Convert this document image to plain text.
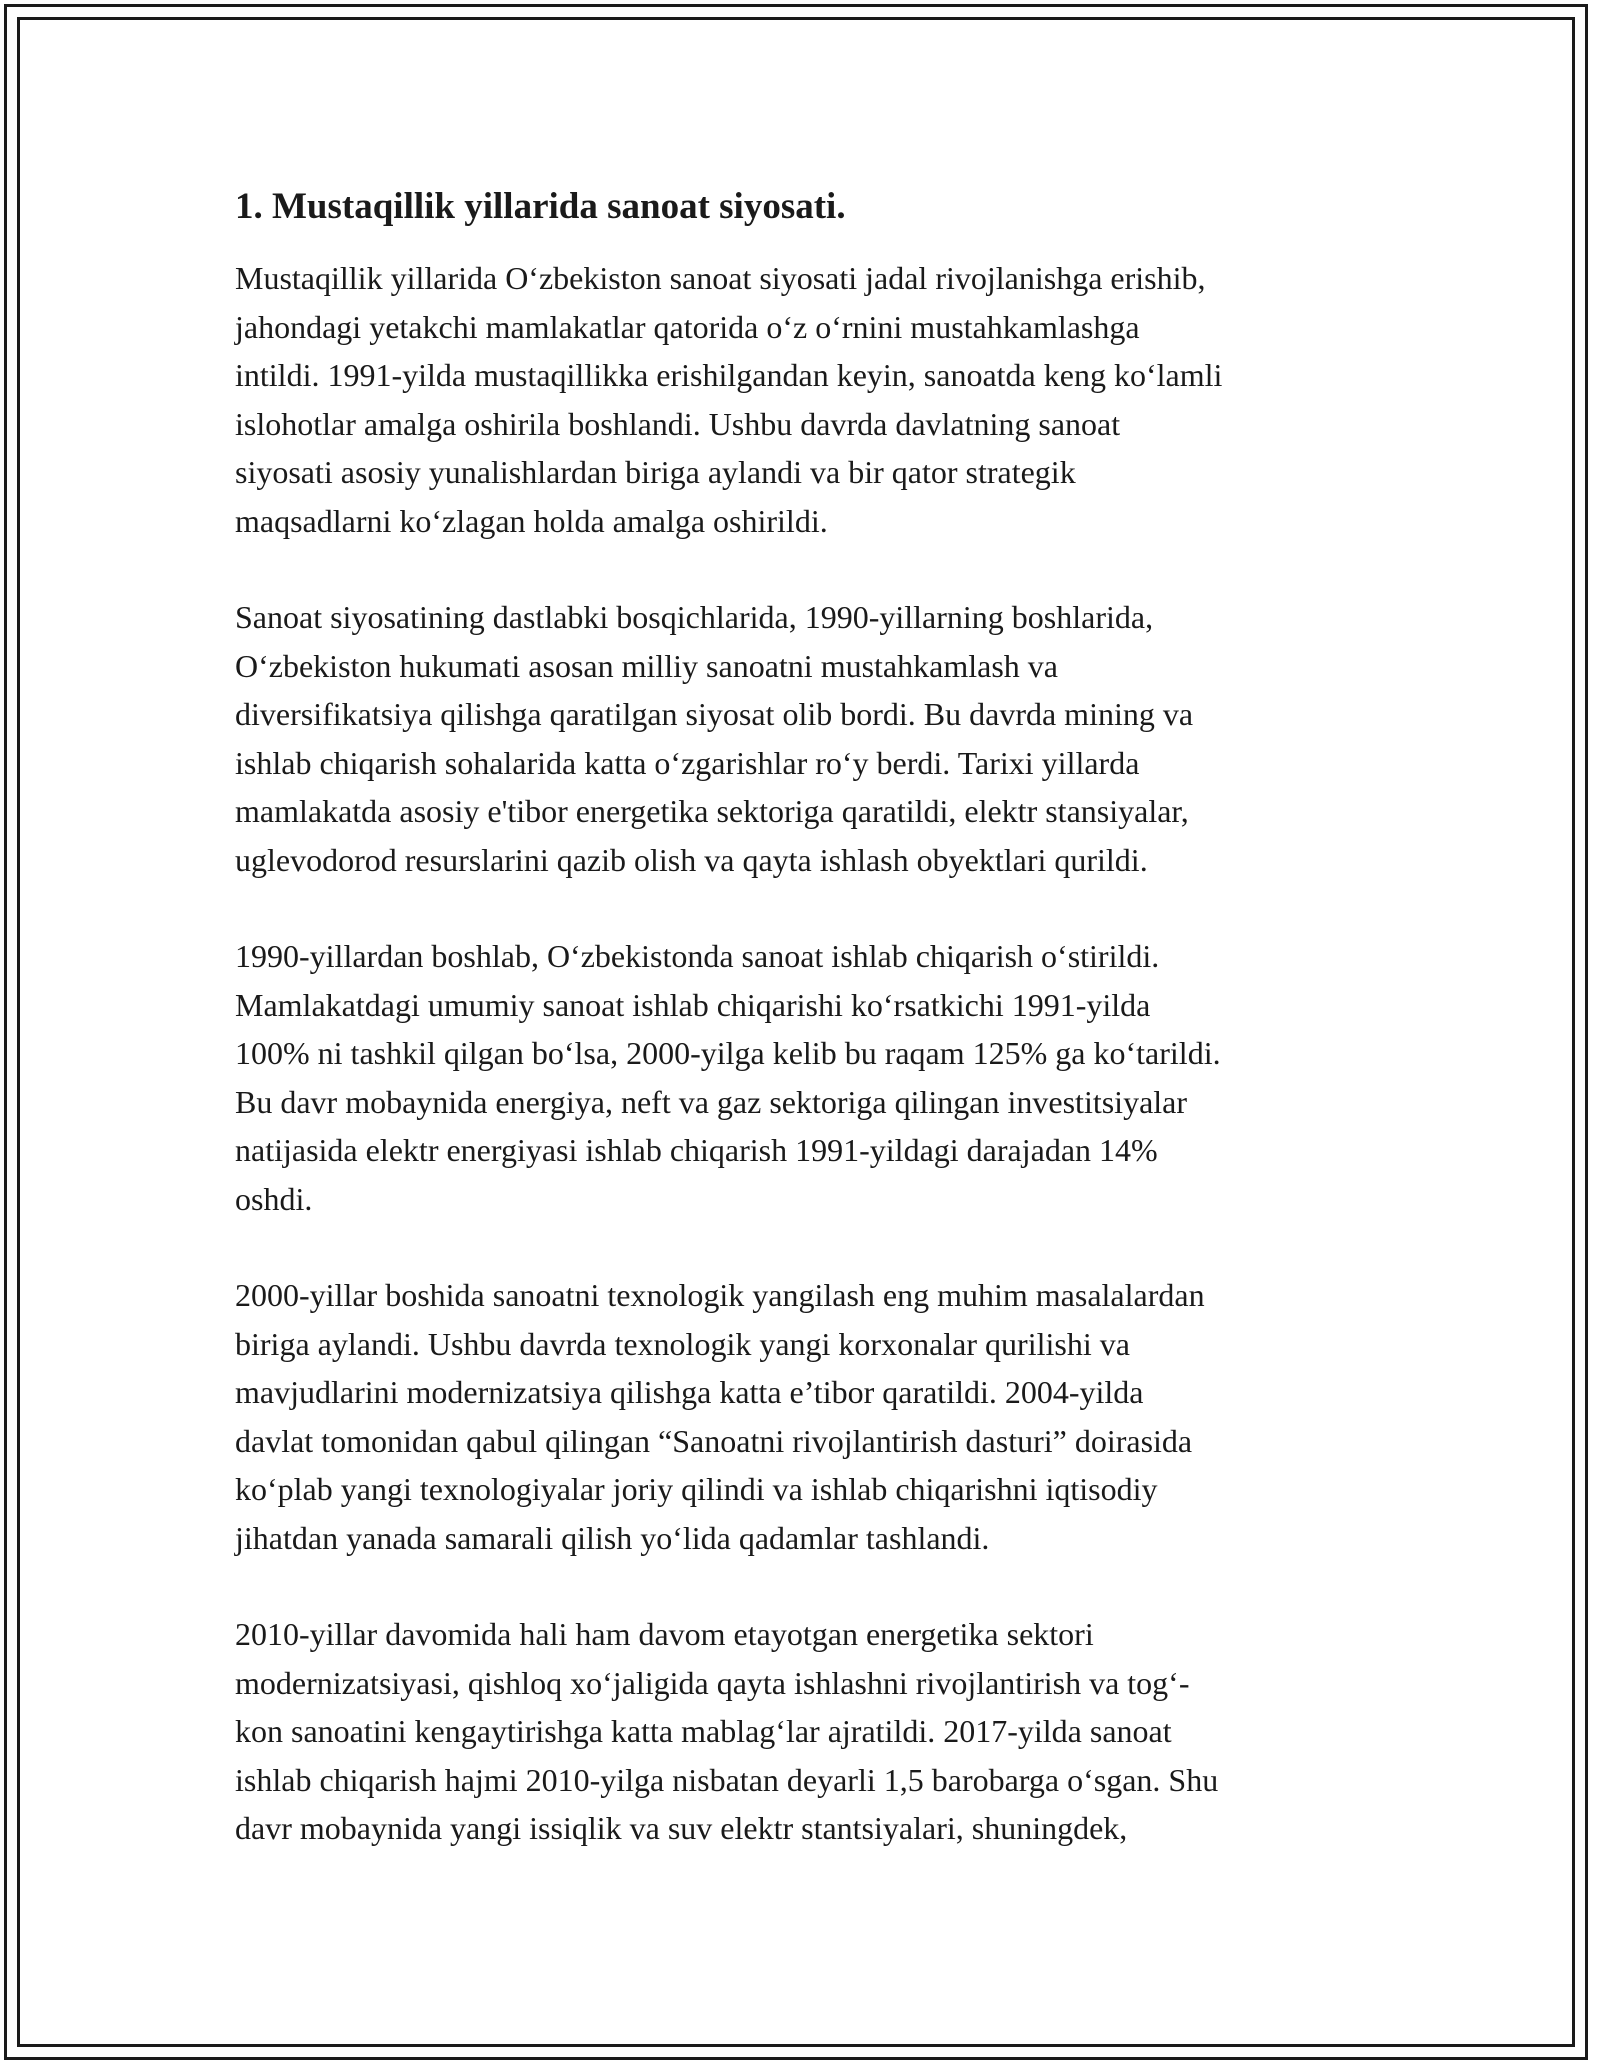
1. Mustaqillik yillarida sanoat siyosati.

Mustaqillik yillarida O‘zbekiston sanoat siyosati jadal rivojlanishga erishib,
jahondagi yetakchi mamlakatlar qatorida o‘z o‘rnini mustahkamlashga
intildi. 1991-yilda mustaqillikka erishilgandan keyin, sanoatda keng ko‘lamli
islohotlar amalga oshirila boshlandi. Ushbu davrda davlatning sanoat
siyosati asosiy yunalishlardan biriga aylandi va bir qator strategik
maqsadlarni ko‘zlagan holda amalga oshirildi.

Sanoat siyosatining dastlabki bosqichlarida, 1990-yillarning boshlarida,
O‘zbekiston hukumati asosan milliy sanoatni mustahkamlash va
diversifikatsiya qilishga qaratilgan siyosat olib bordi. Bu davrda mining va
ishlab chiqarish sohalarida katta o‘zgarishlar ro‘y berdi. Tarixi yillarda
mamlakatda asosiy e'tibor energetika sektoriga qaratildi, elektr stansiyalar,
uglevodorod resurslarini qazib olish va qayta ishlash obyektlari qurildi.

1990-yillardan boshlab, O‘zbekistonda sanoat ishlab chiqarish o‘stirildi.
Mamlakatdagi umumiy sanoat ishlab chiqarishi ko‘rsatkichi 1991-yilda
100% ni tashkil qilgan bo‘lsa, 2000-yilga kelib bu raqam 125% ga ko‘tarildi.
Bu davr mobaynida energiya, neft va gaz sektoriga qilingan investitsiyalar
natijasida elektr energiyasi ishlab chiqarish 1991-yildagi darajadan 14%
oshdi.

2000-yillar boshida sanoatni texnologik yangilash eng muhim masalalardan
biriga aylandi. Ushbu davrda texnologik yangi korxonalar qurilishi va
mavjudlarini modernizatsiya qilishga katta e’tibor qaratildi. 2004-yilda
davlat tomonidan qabul qilingan “Sanoatni rivojlantirish dasturi” doirasida
ko‘plab yangi texnologiyalar joriy qilindi va ishlab chiqarishni iqtisodiy
jihatdan yanada samarali qilish yo‘lida qadamlar tashlandi.

2010-yillar davomida hali ham davom etayotgan energetika sektori
modernizatsiyasi, qishloq xo‘jaligida qayta ishlashni rivojlantirish va tog‘-
kon sanoatini kengaytirishga katta mablag‘lar ajratildi. 2017-yilda sanoat
ishlab chiqarish hajmi 2010-yilga nisbatan deyarli 1,5 barobarga o‘sgan. Shu
davr mobaynida yangi issiqlik va suv elektr stantsiyalari, shuningdek,
